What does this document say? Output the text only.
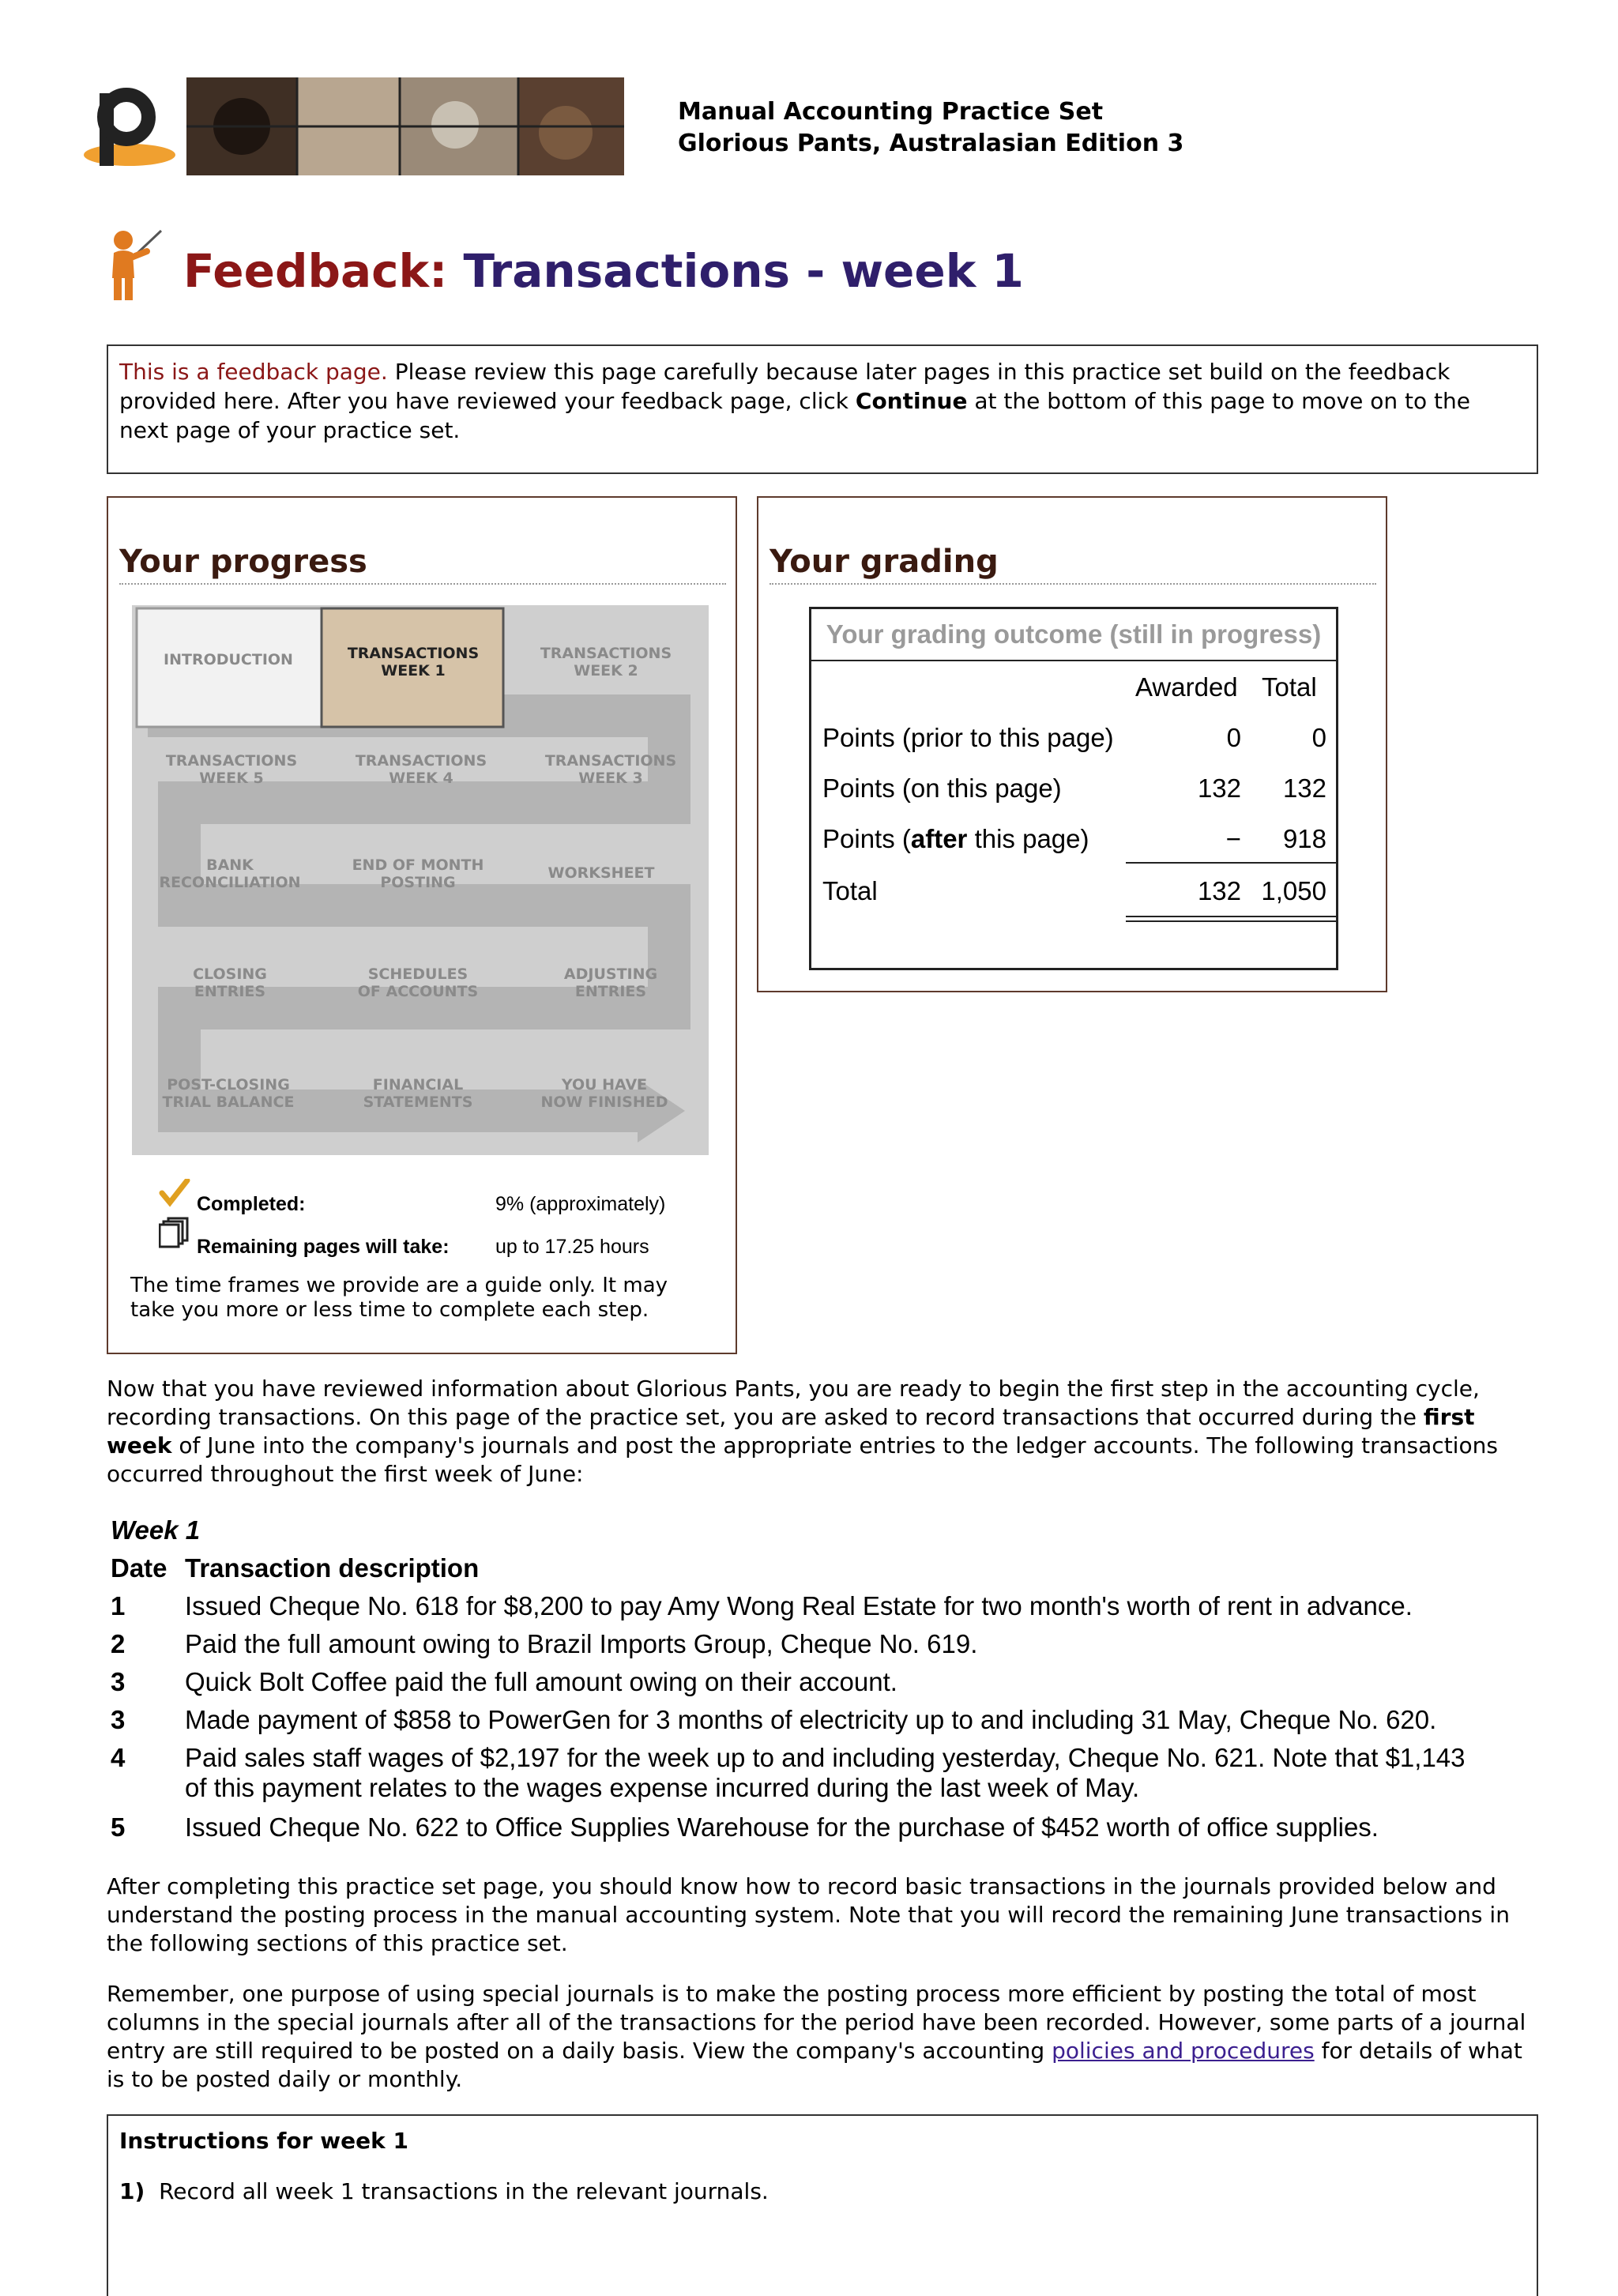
Manual Accounting Practice Set
Glorious Pants, Australasian Edition 3
Feedback: Transactions - week 1
This is a feedback page. Please review this page carefully because later pages in this practice set build on the feedback provided here. After you have reviewed your feedback page, click Continue at the bottom of this page to move on to the next page of your practice set.
Your progress
INTRODUCTION	TRANSACTIONS
WEEK 1
TRANSACTIONS
WEEK 2
TRANSACTIONS
WEEK 5
TRANSACTIONS
WEEK 4
TRANSACTIONS
WEEK 3
BANK
RECONCILIATION
END OF MONTH
POSTING
WORKSHEET
CLOSING
ENTRIES
SCHEDULES
OF ACCOUNTS
ADJUSTING
ENTRIES
POST-CLOSING
TRIAL BALANCE
FINANCIAL
STATEMENTS
YOU HAVE
NOW FINISHED
Completed:	9% (approximately)
Remaining pages will take: up to 17.25 hours
The time frames we provide are a guide only. It may take you more or less time to complete each step.
Your grading
Your grading outcome (still in progress)
Awarded Total
Points (prior to this page)	0	0
Points (on this page)	132 132
Points (after this page)	− 918
Total	132 1,050
Now that you have reviewed information about Glorious Pants, you are ready to begin the first step in the accounting cycle, recording transactions. On this page of the practice set, you are asked to record transactions that occurred during the first week of June into the company's journals and post the appropriate entries to the ledger accounts. The following transactions occurred throughout the first week of June:
Week 1
Date Transaction description
1 Issued Cheque No. 618 for $8,200 to pay Amy Wong Real Estate for two month's worth of rent in advance.
2 Paid the full amount owing to Brazil Imports Group, Cheque No. 619.
3 Quick Bolt Coffee paid the full amount owing on their account.
3 Made payment of $858 to PowerGen for 3 months of electricity up to and including 31 May, Cheque No. 620.
4 Paid sales staff wages of $2,197 for the week up to and including yesterday, Cheque No. 621. Note that $1,143 of this payment relates to the wages expense incurred during the last week of May.
5 Issued Cheque No. 622 to Office Supplies Warehouse for the purchase of $452 worth of office supplies.
After completing this practice set page, you should know how to record basic transactions in the journals provided below and understand the posting process in the manual accounting system. Note that you will record the remaining June transactions in the following sections of this practice set.
Remember, one purpose of using special journals is to make the posting process more efficient by posting the total of most columns in the special journals after all of the transactions for the period have been recorded. However, some parts of a journal entry are still required to be posted on a daily basis. View the company's accounting policies and procedures for details of what is to be posted daily or monthly.
Instructions for week 1
1) Record all week 1 transactions in the relevant journals.
